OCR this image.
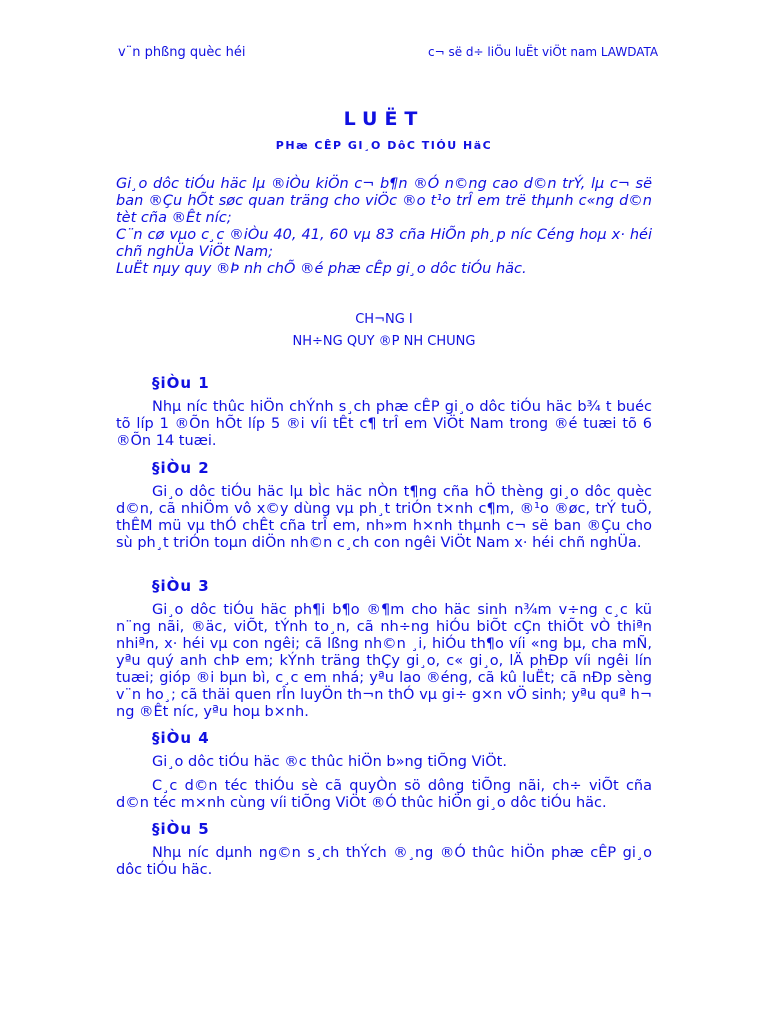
v¨n phßng quèc héi	c¬ së d÷ liÖu luËt viÖt nam LAWDATA
LUËT
PHæ CÊP GI¸O DôC TIÓU HäC

Gi¸o dôc tiÓu häc lµ ®iÒu kiÖn c¬ b¶n ®Ó n©ng cao d©n trÝ, lµ c¬ së ban ®Çu hÕt søc quan träng cho viÖc ®o t¹o trÎ em trë thµnh c«ng d©n tèt cña ®Êt níc;

C¨n cø vµo c¸c ®iÒu 40, 41, 60 vµ 83 cña HiÕn ph¸p níc Céng hoµ x· héi chñ nghÜa ViÖt Nam;

LuËt nµy quy ®Þ nh chÕ ®é phæ cÊp gi¸o dôc tiÓu häc.

CH¬NG I
NH÷NG QUY ®P NH CHUNG
§iÒu 1

Nhµ níc thûc hiÖn chÝnh s¸ch phæ cÊP gi¸o dôc tiÓu häc b¾ t buéc tõ líp 1 ®Õn hÕt líp 5 ®i víi tÊt c¶ trÎ em ViÖt Nam trong ®é tuæi tõ 6 ®Õn 14 tuæi.

§iÒu 2

Gi¸o dôc tiÓu häc lµ bÌc häc nÒn t¶ng cña hÖ thèng gi¸o dôc quèc d©n, cã nhiÖm vô x©y dùng vµ ph¸t triÓn t×nh c¶m, ®¹o ®øc, trÝ tuÖ, thÊM mü vµ thÓ chÊt cña trÎ em, nh»m h×nh thµnh c¬ së ban ®Çu cho sù ph¸t triÓn toµn diÖn nh©n c¸ch con ngêi ViÖt Nam x· héi chñ nghÜa.

§iÒu 3

Gi¸o dôc tiÓu häc ph¶i b¶o ®¶m cho häc sinh n¾m v÷ng c¸c kü n¨ng nãi, ®äc, viÕt, tÝnh to¸n, cã nh÷ng hiÓu biÕt cÇn thiÕt vÒ thiªn nhiªn, x· héi vµ con ngêi; cã lßng nh©n ¸i, hiÓu th¶o víi «ng bµ, cha mÑ, yªu quý anh chÞ em; kÝnh träng thÇy gi¸o, c« gi¸o, lÄ phÐp víi ngêi lín tuæi; gióp ®i bµn bì, c¸c em nhá; yªu lao ®éng, cã kû luËt; cã nÐp sèng v¨n ho¸; cã thäi quen rÎn luyÖn th¬n thÓ vµ gi÷ g×n vÖ sinh; yªu quª h¬ ng ®Êt níc, yªu hoµ b×nh.

§iÒu 4

Gi¸o dôc tiÓu häc ®c thûc hiÖn b»ng tiÕng ViÖt.

C¸c d©n téc thiÓu sè cã quyÒn sö dông tiÕng nãi, ch÷ viÕt cña d©n téc m×nh cùng víi tiÕng ViÖt ®Ó thûc hiÖn gi¸o dôc tiÓu häc.

§iÒu 5

Nhµ níc dµnh ng©n s¸ch thÝch ®¸ng ®Ó thûc hiÖn phæ cÊP gi¸o dôc tiÓu häc.
